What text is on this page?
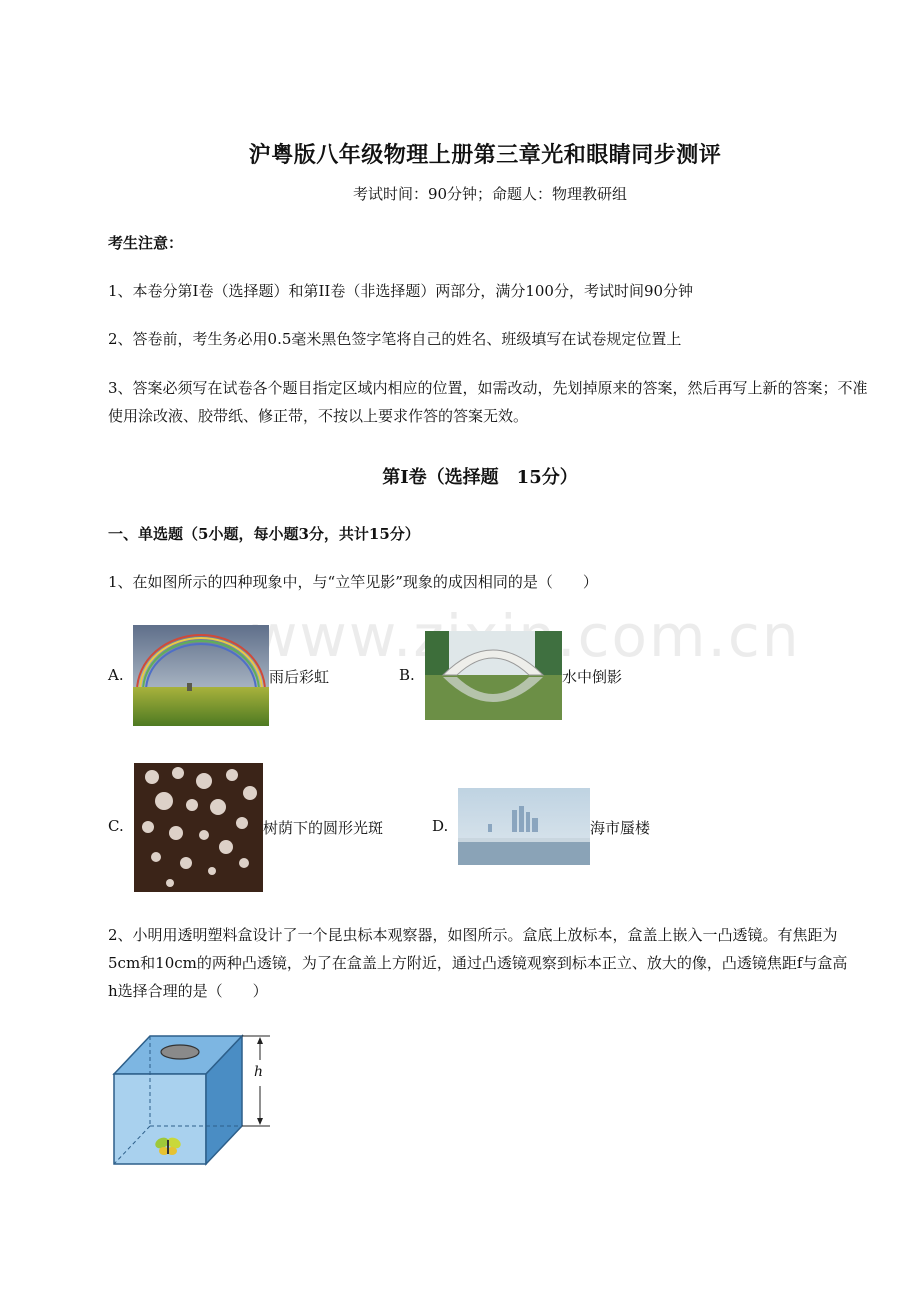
沪粤版八年级物理上册第三章光和眼睛同步测评
考试时间：90分钟；命题人：物理教研组
考生注意：
1、本卷分第I卷（选择题）和第II卷（非选择题）两部分，满分100分，考试时间90分钟
2、答卷前，考生务必用0.5毫米黑色签字笔将自己的姓名、班级填写在试卷规定位置上
3、答案必须写在试卷各个题目指定区域内相应的位置，如需改动，先划掉原来的答案，然后再写上新的答案；不准使用涂改液、胶带纸、修正带，不按以上要求作答的答案无效。
第I卷（选择题　15分）
一、单选题（5小题，每小题3分，共计15分）
1、在如图所示的四种现象中，与“立竿见影”现象的成因相同的是（　　）
A.	雨后彩虹	B.	水中倒影
C.	树荫下的圆形光斑	D.	海市蜃楼
2、小明用透明塑料盒设计了一个昆虫标本观察器，如图所示。盒底上放标本，盒盖上嵌入一凸透镜。有焦距为5cm和10cm的两种凸透镜，为了在盒盖上方附近，通过凸透镜观察到标本正立、放大的像，凸透镜焦距f与盒高h选择合理的是（　　）
h
